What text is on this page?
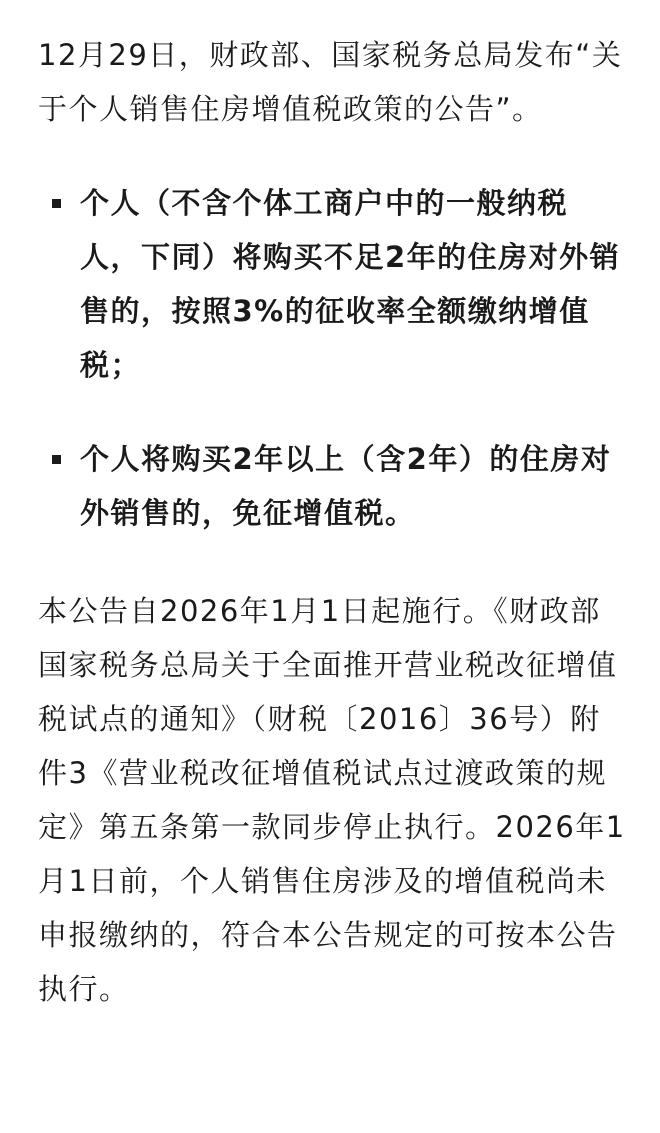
12月29日，财政部、国家税务总局发布“关于个人销售住房增值税政策的公告”。

个人（不含个体工商户中的一般纳税人，下同）将购买不足2年的住房对外销售的，按照3%的征收率全额缴纳增值税；
个人将购买2年以上（含2年）的住房对外销售的，免征增值税。

本公告自2026年1月1日起施行。《财政部 国家税务总局关于全面推开营业税改征增值税试点的通知》（财税〔2016〕36号）附件3《营业税改征增值税试点过渡政策的规定》第五条第一款同步停止执行。2026年1月1日前，个人销售住房涉及的增值税尚未申报缴纳的，符合本公告规定的可按本公告执行。
